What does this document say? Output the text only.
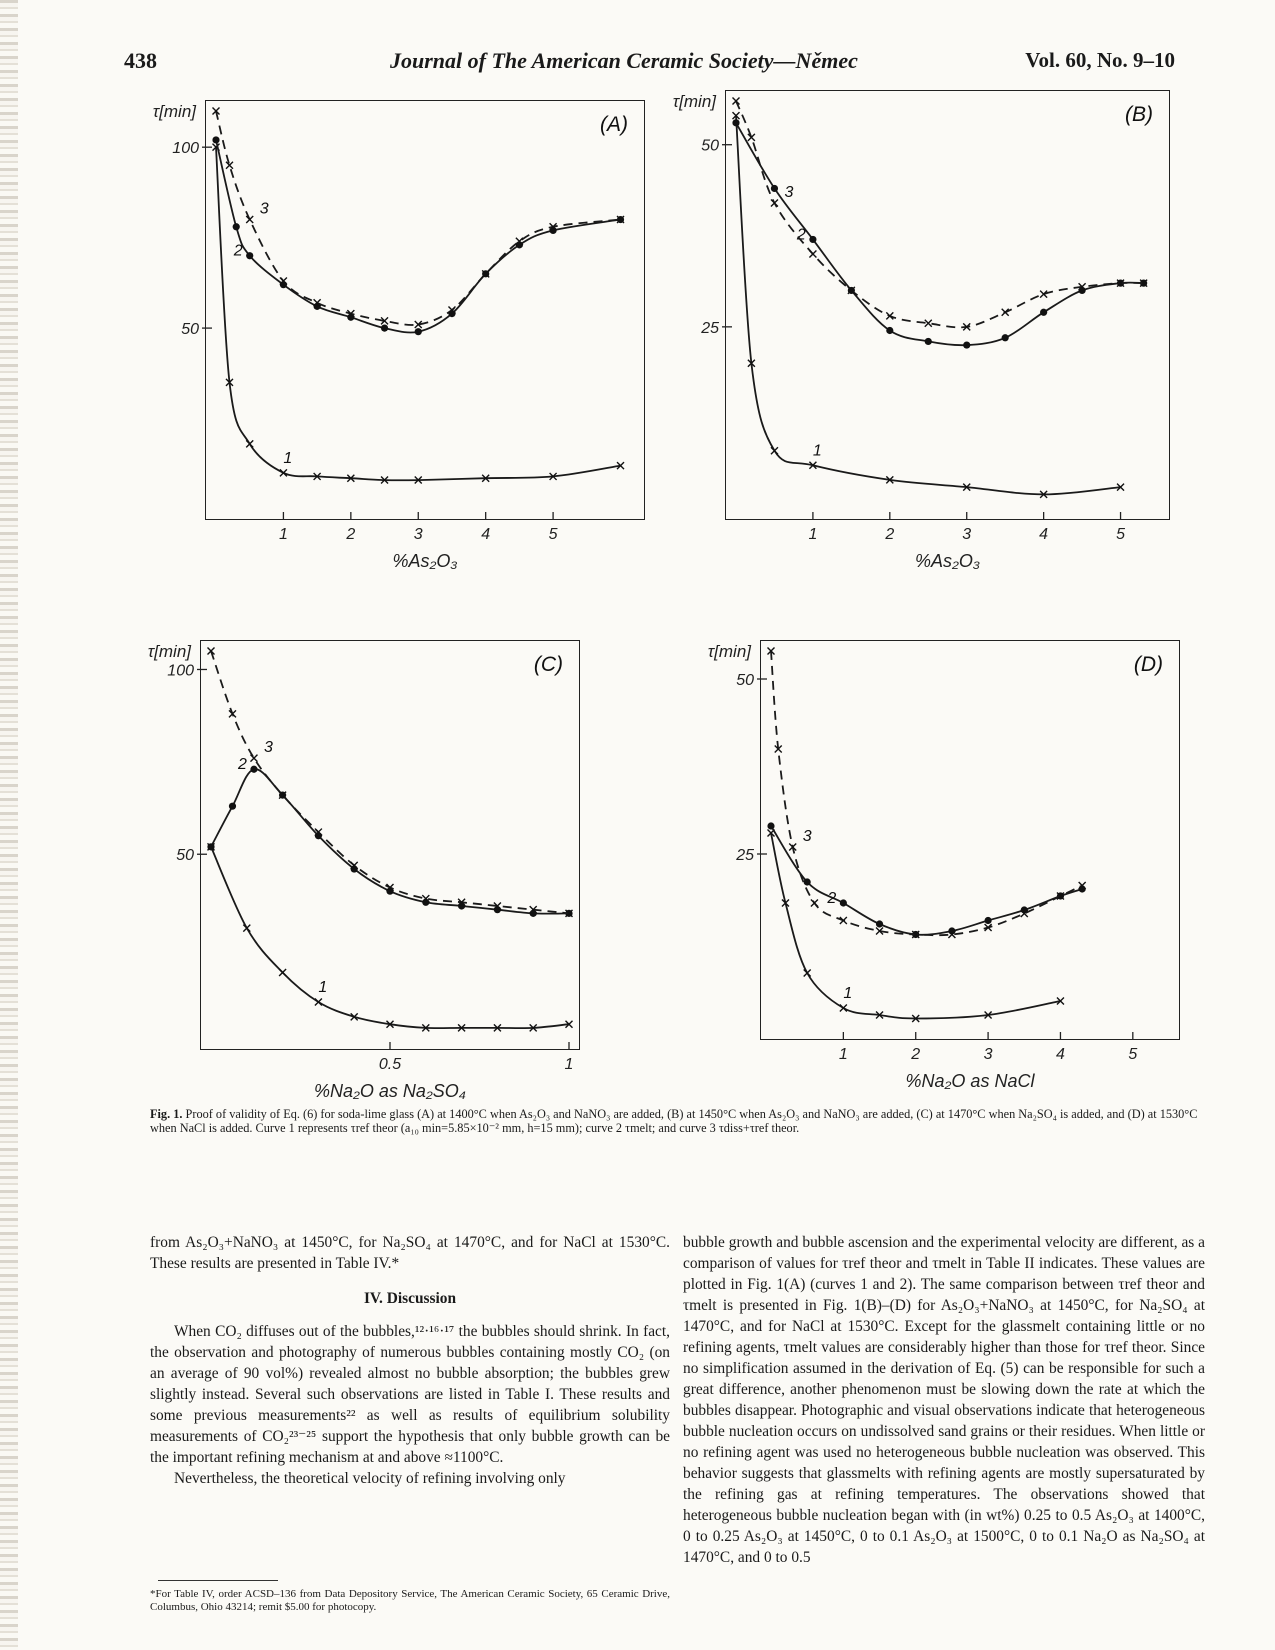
438	Journal of The American Ceramic Society—Němec	Vol. 60, No. 9–10
1	2	3	4	5
50
100
τ[min]
%As₂O₃
(A)
1
2
3
1	2	3	4	5
25
50
τ[min]
%As₂O₃
(B)
1
2
3
0.5	1
50
100
τ[min]
%Na₂O as Na₂SO₄
(C)
1
2
3
1	2	3	4	5
25
50
τ[min]
%Na₂O as NaCl
(D)
1
2
3
Fig. 1. Proof of validity of Eq. (6) for soda-lime glass (A) at 1400°C when As₂O₃ and NaNO₃ are added, (B) at 1450°C when As₂O₃ and NaNO₃ are added, (C) at 1470°C when Na₂SO₄ is added, and (D) at 1530°C when NaCl is added. Curve 1 represents τref theor (a₁₀ min=5.85×10⁻² mm, h=15 mm); curve 2 τmelt; and curve 3 τdiss+τref theor.

from As₂O₃+NaNO₃ at 1450°C, for Na₂SO₄ at 1470°C, and for NaCl at 1530°C. These results are presented in Table IV.*

IV. Discussion

When CO₂ diffuses out of the bubbles,¹²·¹⁶·¹⁷ the bubbles should shrink. In fact, the observation and photography of numerous bubbles containing mostly CO₂ (on an average of 90 vol%) revealed almost no bubble absorption; the bubbles grew slightly instead. Several such observations are listed in Table I. These results and some previous measurements²² as well as results of equilibrium solubility measurements of CO₂²³⁻²⁵ support the hypothesis that only bubble growth can be the important refining mechanism at and above ≈1100°C.

Nevertheless, the theoretical velocity of refining involving only

bubble growth and bubble ascension and the experimental velocity are different, as a comparison of values for τref theor and τmelt in Table II indicates. These values are plotted in Fig. 1(A) (curves 1 and 2). The same comparison between τref theor and τmelt is presented in Fig. 1(B)–(D) for As₂O₃+NaNO₃ at 1450°C, for Na₂SO₄ at 1470°C, and for NaCl at 1530°C. Except for the glassmelt containing little or no refining agents, τmelt values are considerably higher than those for τref theor. Since no simplification assumed in the derivation of Eq. (5) can be responsible for such a great difference, another phenomenon must be slowing down the rate at which the bubbles disappear. Photographic and visual observations indicate that heterogeneous bubble nucleation occurs on undissolved sand grains or their residues. When little or no refining agent was used no heterogeneous bubble nucleation was observed. This behavior suggests that glassmelts with refining agents are mostly supersaturated by the refining gas at refining temperatures. The observations showed that heterogeneous bubble nucleation began with (in wt%) 0.25 to 0.5 As₂O₃ at 1400°C, 0 to 0.25 As₂O₃ at 1450°C, 0 to 0.1 As₂O₃ at 1500°C, 0 to 0.1 Na₂O as Na₂SO₄ at 1470°C, and 0 to 0.5

*For Table IV, order ACSD–136 from Data Depository Service, The American Ceramic Society, 65 Ceramic Drive, Columbus, Ohio 43214; remit $5.00 for photocopy.
